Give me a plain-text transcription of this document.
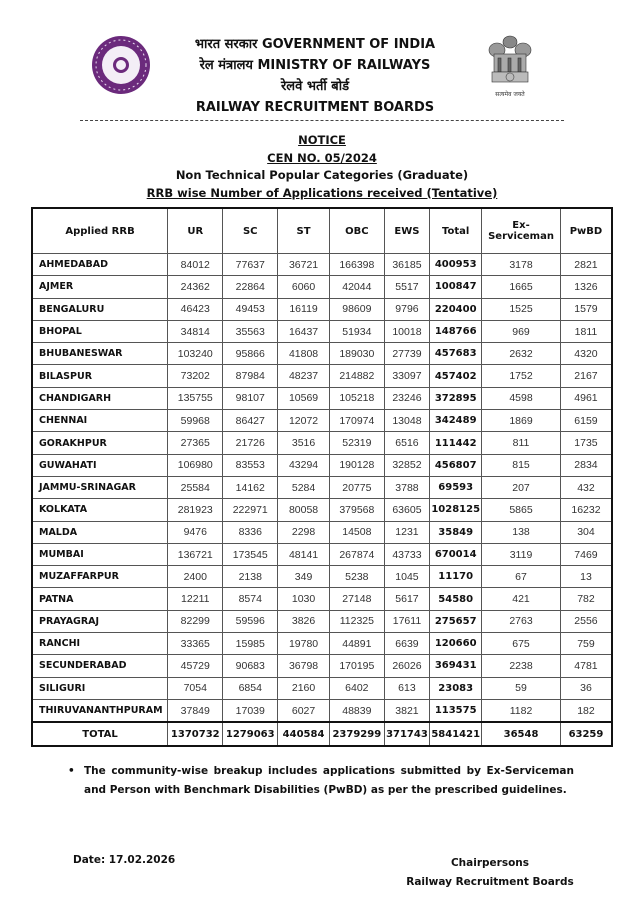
सत्यमेव जयते
भारत सरकार GOVERNMENT OF INDIA
रेल मंत्रालय MINISTRY OF RAILWAYS
रेलवे भर्ती बोर्ड
RAILWAY RECRUITMENT BOARDS
NOTICE
CEN NO. 05/2024
Non Technical Popular Categories (Graduate)
RRB wise Number of Applications received (Tentative)
Applied RRB	UR	SC	ST	OBC	EWS	Total	Ex-​Serviceman	PwBD
AHMEDABAD	84012	77637	36721	166398	36185	400953	3178	2821
AJMER	24362	22864	6060	42044	5517	100847	1665	1326
BENGALURU	46423	49453	16119	98609	9796	220400	1525	1579
BHOPAL	34814	35563	16437	51934	10018	148766	969	1811
BHUBANESWAR	103240	95866	41808	189030	27739	457683	2632	4320
BILASPUR	73202	87984	48237	214882	33097	457402	1752	2167
CHANDIGARH	135755	98107	10569	105218	23246	372895	4598	4961
CHENNAI	59968	86427	12072	170974	13048	342489	1869	6159
GORAKHPUR	27365	21726	3516	52319	6516	111442	811	1735
GUWAHATI	106980	83553	43294	190128	32852	456807	815	2834
JAMMU-SRINAGAR	25584	14162	5284	20775	3788	69593	207	432
KOLKATA	281923	222971	80058	379568	63605	1028125	5865	16232
MALDA	9476	8336	2298	14508	1231	35849	138	304
MUMBAI	136721	173545	48141	267874	43733	670014	3119	7469
MUZAFFARPUR	2400	2138	349	5238	1045	11170	67	13
PATNA	12211	8574	1030	27148	5617	54580	421	782
PRAYAGRAJ	82299	59596	3826	112325	17611	275657	2763	2556
RANCHI	33365	15985	19780	44891	6639	120660	675	759
SECUNDERABAD	45729	90683	36798	170195	26026	369431	2238	4781
SILIGURI	7054	6854	2160	6402	613	23083	59	36
THIRUVANANTHPURAM	37849	17039	6027	48839	3821	113575	1182	182
TOTAL	1370732	1279063	440584	2379299	371743	5841421	36548	63259
• The community-wise breakup includes applications submitted by Ex-Serviceman and Person with Benchmark Disabilities (PwBD) as per the prescribed guidelines.
Date: 17.02.2026	Chairpersons
Railway Recruitment Boards
